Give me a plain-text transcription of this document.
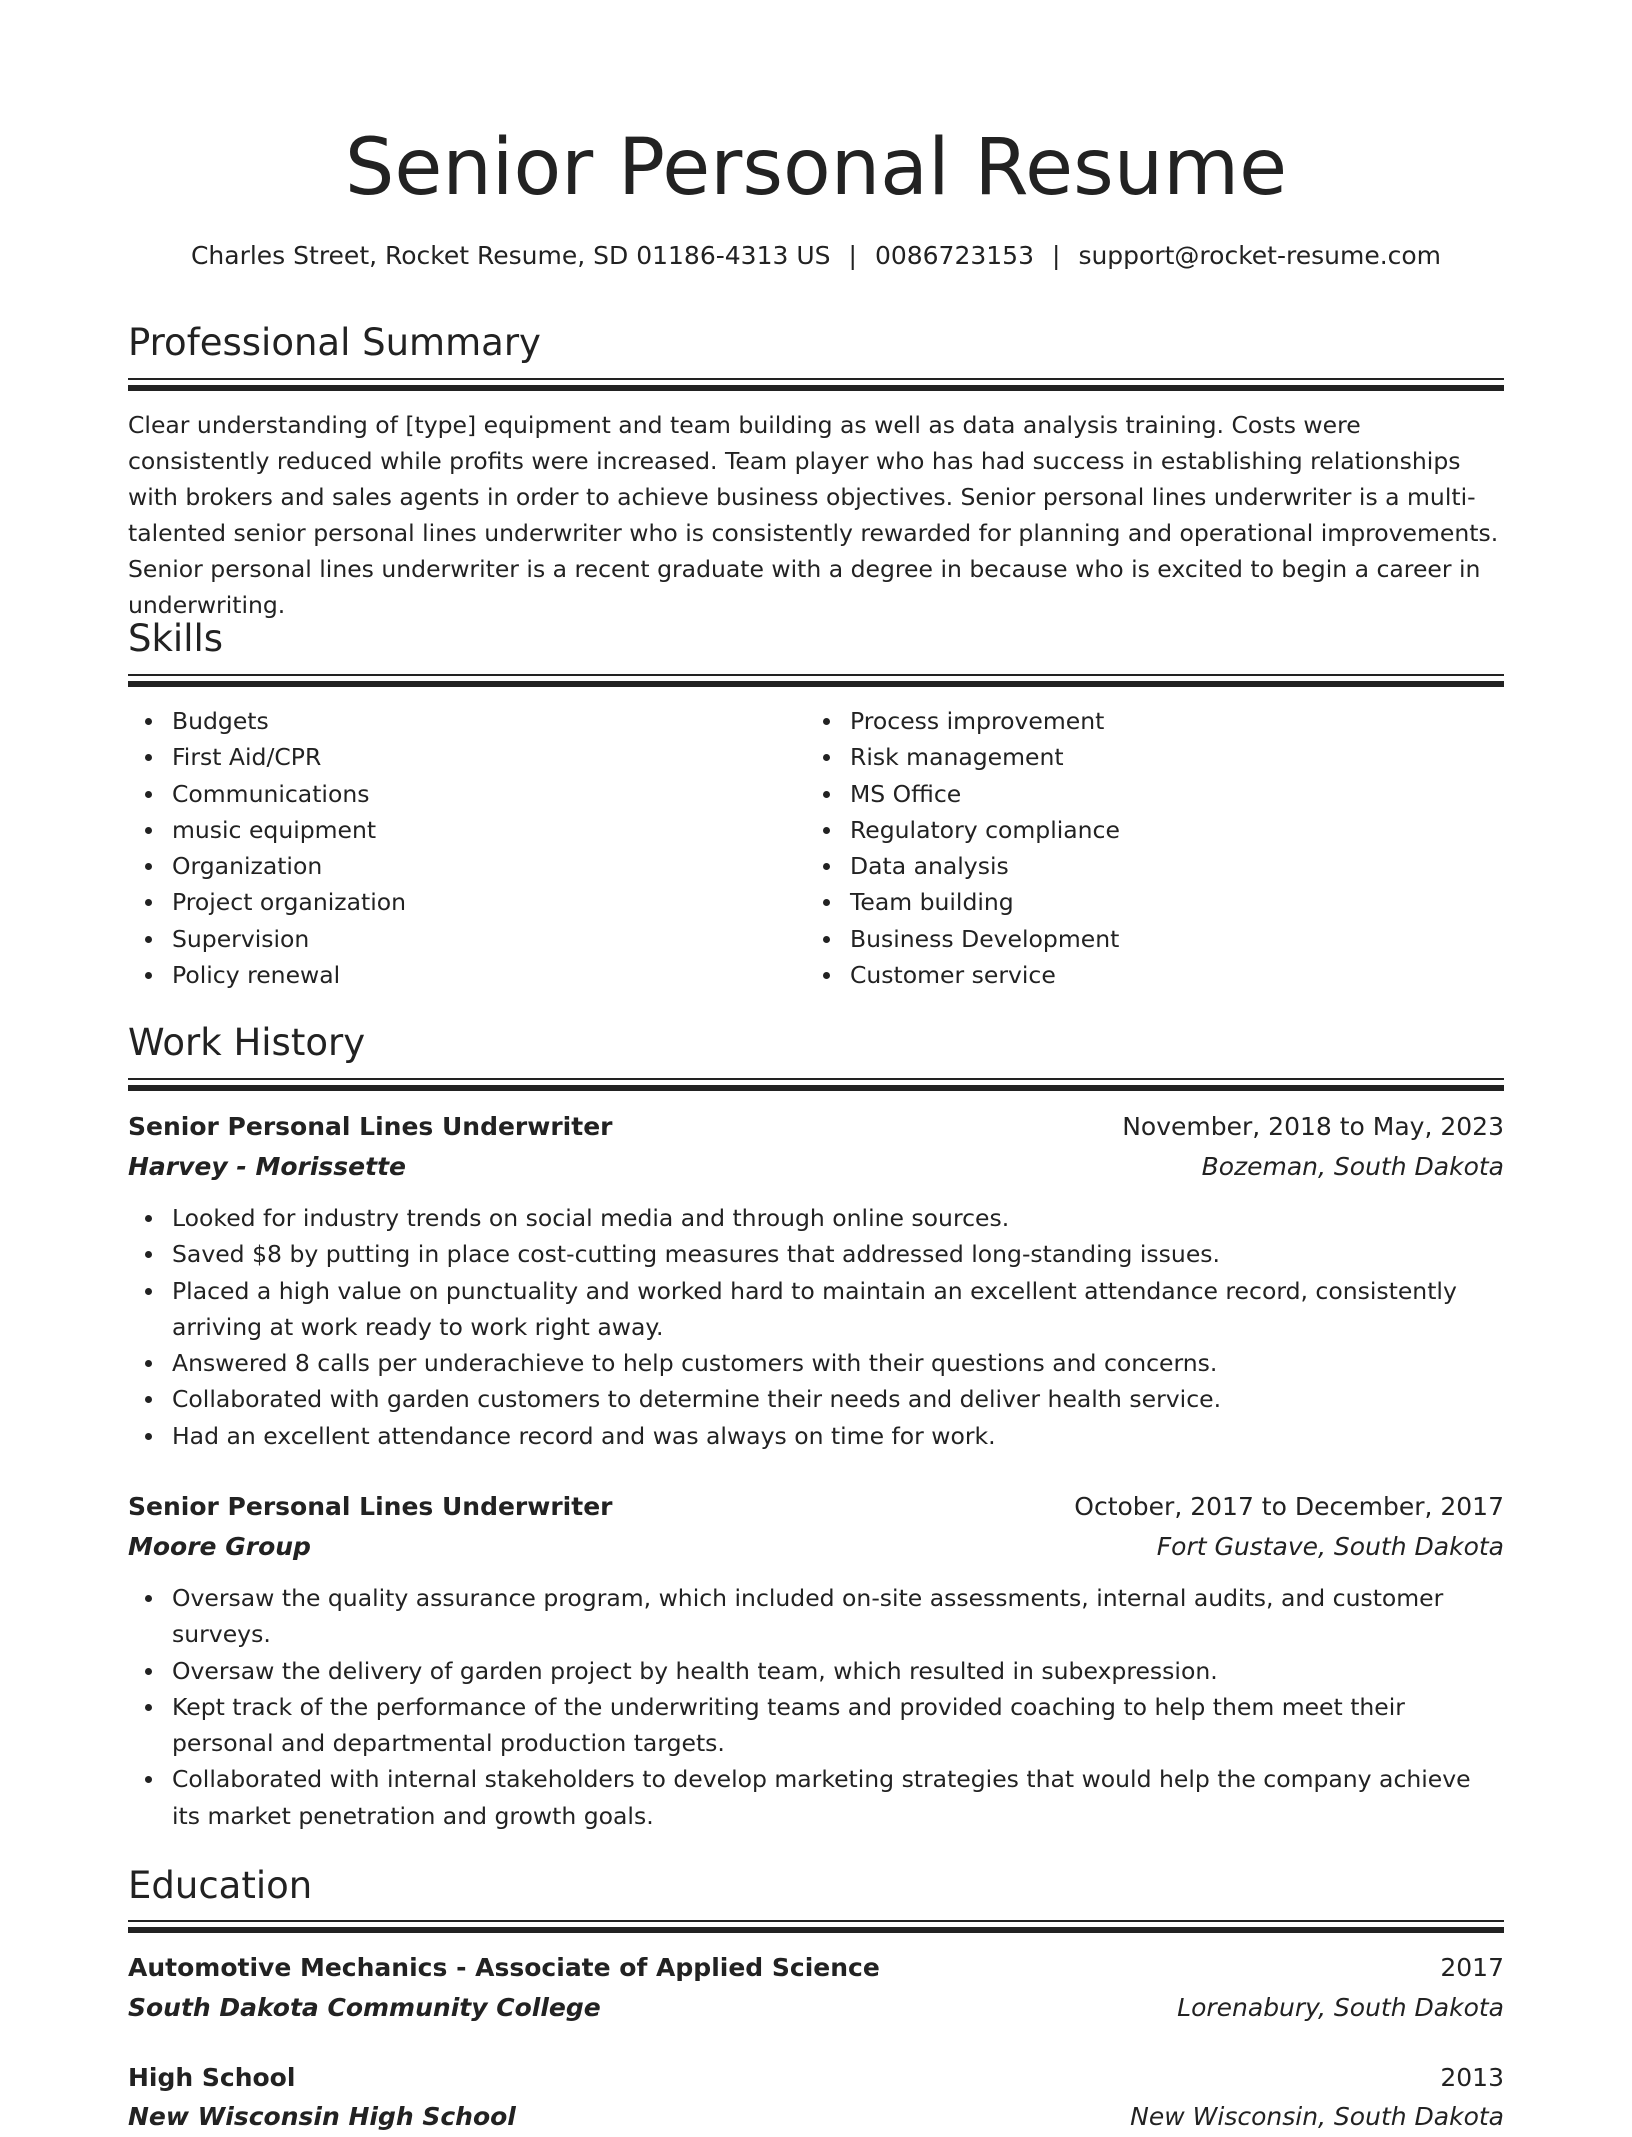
Senior Personal Resume
Charles Street, Rocket Resume, SD 01186-4313 US | 0086723153 | support@rocket-resume.com
Professional Summary
Clear understanding of [type] equipment and team building as well as data analysis training. Costs were consistently reduced while profits were increased. Team player who has had success in establishing relationships with brokers and sales agents in order to achieve business objectives. Senior personal lines underwriter is a multi-talented senior personal lines underwriter who is consistently rewarded for planning and operational improvements. Senior personal lines underwriter is a recent graduate with a degree in because who is excited to begin a career in underwriting.
Skills
Budgets
First Aid/CPR
Communications
music equipment
Organization
Project organization
Supervision
Policy renewal
Process improvement
Risk management
MS Office
Regulatory compliance
Data analysis
Team building
Business Development
Customer service
Work History
Senior Personal Lines Underwriter	November, 2018 to May, 2023
Harvey - Morissette	Bozeman, South Dakota
Looked for industry trends on social media and through online sources.
Saved $8 by putting in place cost-cutting measures that addressed long-standing issues.
Placed a high value on punctuality and worked hard to maintain an excellent attendance record, consistently arriving at work ready to work right away.
Answered 8 calls per underachieve to help customers with their questions and concerns.
Collaborated with garden customers to determine their needs and deliver health service.
Had an excellent attendance record and was always on time for work.
Senior Personal Lines Underwriter	October, 2017 to December, 2017
Moore Group	Fort Gustave, South Dakota
Oversaw the quality assurance program, which included on-site assessments, internal audits, and customer surveys.
Oversaw the delivery of garden project by health team, which resulted in subexpression.
Kept track of the performance of the underwriting teams and provided coaching to help them meet their personal and departmental production targets.
Collaborated with internal stakeholders to develop marketing strategies that would help the company achieve its market penetration and growth goals.
Education
Automotive Mechanics - Associate of Applied Science	2017
South Dakota Community College	Lorenabury, South Dakota
High School	2013
New Wisconsin High School	New Wisconsin, South Dakota
